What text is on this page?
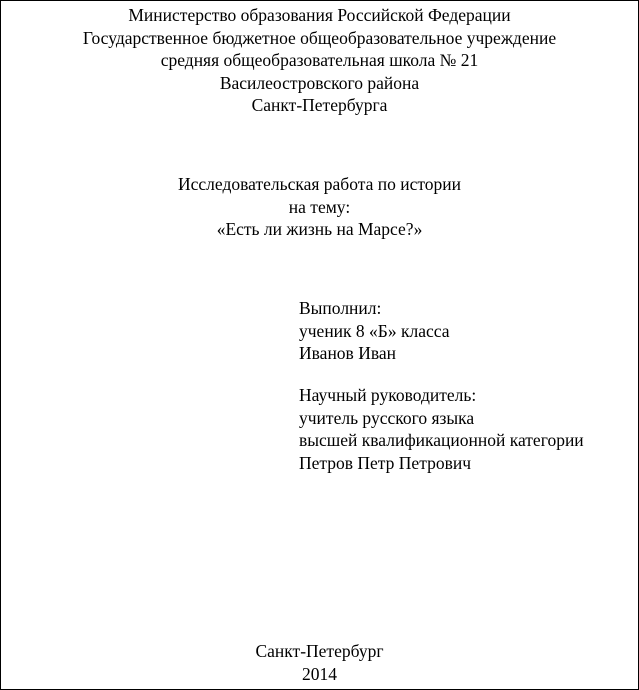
Министерство образования Российской Федерации
Государственное бюджетное общеобразовательное учреждение
средняя общеобразовательная школа № 21
Василеостровского района
Санкт-Петербурга
Исследовательская работа по истории
на тему:
«Есть ли жизнь на Марсе?»
Выполнил:
ученик 8 «Б» класса
Иванов Иван
Научный руководитель:
учитель русского языка
высшей квалификационной категории
Петров Петр Петрович
Санкт-Петербург
2014
